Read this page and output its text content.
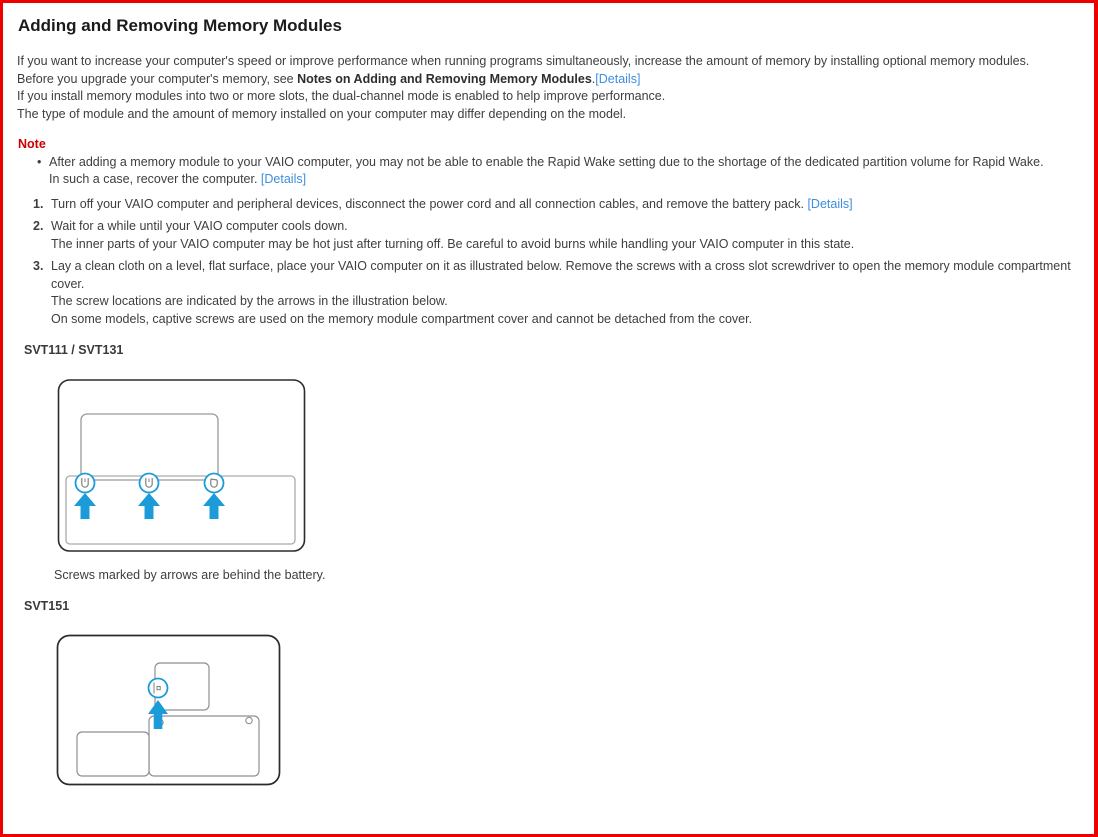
Adding and Removing Memory Modules

If you want to increase your computer's speed or improve performance when running programs simultaneously, increase the amount of memory by installing optional memory modules.

Before you upgrade your computer's memory, see Notes on Adding and Removing Memory Modules.[Details]

If you install memory modules into two or more slots, the dual-channel mode is enabled to help improve performance.

The type of module and the amount of memory installed on your computer may differ depending on the model.

Note
• After adding a memory module to your VAIO computer, you may not be able to enable the Rapid Wake setting due to the shortage of the dedicated partition volume for Rapid Wake.
In such a case, recover the computer. [Details]
1. Turn off your VAIO computer and peripheral devices, disconnect the power cord and all connection cables, and remove the battery pack. [Details]
2. Wait for a while until your VAIO computer cools down.
The inner parts of your VAIO computer may be hot just after turning off. Be careful to avoid burns while handling your VAIO computer in this state.
3. Lay a clean cloth on a level, flat surface, place your VAIO computer on it as illustrated below. Remove the screws with a cross slot screwdriver to open the memory module compartment cover.
The screw locations are indicated by the arrows in the illustration below.
On some models, captive screws are used on the memory module compartment cover and cannot be detached from the cover.
SVT111 / SVT131
Screws marked by arrows are behind the battery.
SVT151
